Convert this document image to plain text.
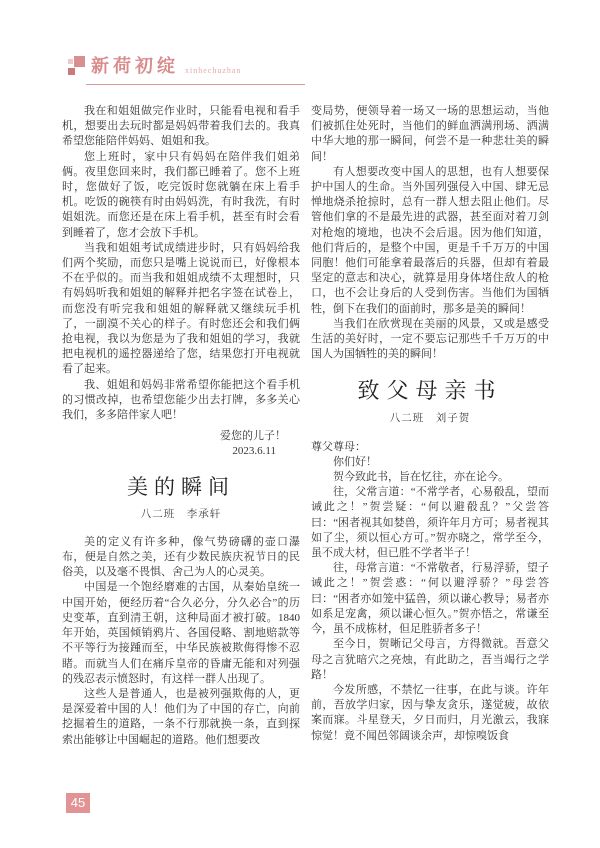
新荷初绽 xinhechuzhan

我在和姐姐做完作业时，只能看电视和看手机，想要出去玩时都是妈妈带着我们去的。我真希望您能陪伴妈妈、姐姐和我。

您上班时，家中只有妈妈在陪伴我们姐弟俩。夜里您回来时，我们都已睡着了。您不上班时，您做好了饭，吃完饭时您就躺在床上看手机。吃饭的碗筷有时由妈妈洗，有时我洗，有时姐姐洗。而您还是在床上看手机，甚至有时会看到睡着了，您才会放下手机。

当我和姐姐考试成绩进步时，只有妈妈给我们两个奖励，而您只是嘴上说说而已，好像根本不在乎似的。而当我和姐姐成绩不太理想时，只有妈妈听我和姐姐的解释并把名字签在试卷上，而您没有听完我和姐姐的解释就又继续玩手机了，一副漠不关心的样子。有时您还会和我们俩抢电视，我以为您是为了我和姐姐的学习，我就把电视机的遥控器递给了您，结果您打开电视就看了起来。

我、姐姐和妈妈非常希望你能把这个看手机的习惯改掉，也希望您能少出去打牌，多多关心我们，多多陪伴家人吧！

爱您的儿子！

2023.6.11

美的瞬间

八二班　李承轩

美的定义有许多种，像气势磅礴的壶口瀑布，便是自然之美，还有少数民族庆祝节日的民俗美，以及毫不畏惧、舍己为人的心灵美。

中国是一个饱经磨难的古国，从秦始皇统一中国开始，便经历着“合久必分，分久必合”的历史变革，直到清王朝，这种局面才被打破。1840年开始，英国倾销鸦片、各国侵略、割地赔款等不平等行为接踵而至，中华民族被欺侮得惨不忍睹。而就当人们在痛斥皇帝的昏庸无能和对列强的残忍表示愤怒时，有这样一群人出现了。

这些人是普通人，也是被列强欺侮的人，更是深爱着中国的人！他们为了中国的存亡，向前挖掘着生的道路，一条不行那就换一条，直到探索出能够让中国崛起的道路。他们想要改

变局势，便领导着一场又一场的思想运动，当他们被抓住处死时，当他们的鲜血洒满刑场、洒满中华大地的那一瞬间，何尝不是一种悲壮美的瞬间！

有人想要改变中国人的思想，也有人想要保护中国人的生命。当外国列强侵入中国、肆无忌惮地烧杀抢掠时，总有一群人想去阻止他们。尽管他们拿的不是最先进的武器，甚至面对着刀剑对枪炮的境地，也决不会后退。因为他们知道，他们背后的，是整个中国，更是千千万万的中国同胞！他们可能拿着最落后的兵器，但却有着最坚定的意志和决心，就算是用身体堵住敌人的枪口，也不会让身后的人受到伤害。当他们为国牺牲，倒下在我们的面前时，那多是美的瞬间！

当我们在欣赏现在美丽的风景，又或是感受生活的美好时，一定不要忘记那些千千万万的中国人为国牺牲的美的瞬间！

致父母亲书

八二班　刘子贺

尊父尊母：

你们好！

贺今致此书，旨在忆往，亦在论今。

往，父常言道：“不常学者，心易殽乱，望而诫此之！”贺尝疑：“何以避殽乱？”父尝答曰：“困者视其如婪兽，须许年月方可；易者视其如了尘，须以恒心方可。”贺亦晓之，常学至今，虽不成大材，但已胜不学者半子！

往，母常言道：“不常敬者，行易浮骄，望子诫此之！”贺尝惑：“何以避浮骄？”母尝答曰：“困者亦如笼中猛兽，须以谦心教导；易者亦如系足宠禽，须以谦心恒久。”贺亦悟之，常谦至今，虽不成栋材，但足胜骄者多子！

至今日，贺晰记父母言，方得微就。吾意父母之言犹暗穴之亮烛，有此助之，吾当竭行之学路！

今发所感，不禁忆一往事，在此与谈。许年前，吾放学归家，因与挚友贪乐，遂觉疲，故依案而寐。斗星登天，夕日而归，月光激云，我寐惊觉！竟不闻邑邻阔谈余声，却惊嗅饭食

45
